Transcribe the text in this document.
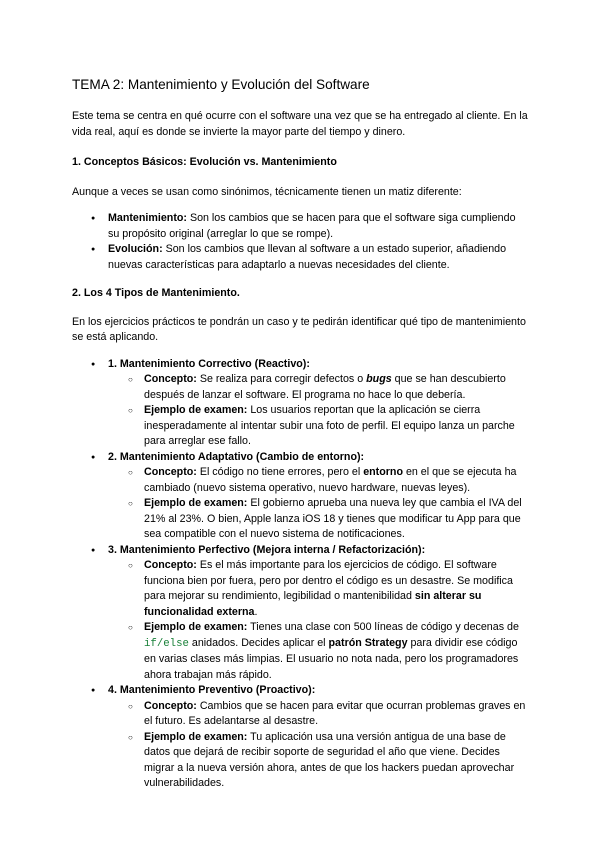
TEMA 2: Mantenimiento y Evolución del Software

Este tema se centra en qué ocurre con el software una vez que se ha entregado al cliente. En la vida real, aquí es donde se invierte la mayor parte del tiempo y dinero.

1. Conceptos Básicos: Evolución vs. Mantenimiento

Aunque a veces se usan como sinónimos, técnicamente tienen un matiz diferente:

● Mantenimiento: Son los cambios que se hacen para que el software siga cumpliendo su propósito original (arreglar lo que se rompe).
● Evolución: Son los cambios que llevan al software a un estado superior, añadiendo nuevas características para adaptarlo a nuevas necesidades del cliente.
2. Los 4 Tipos de Mantenimiento.

En los ejercicios prácticos te pondrán un caso y te pedirán identificar qué tipo de mantenimiento se está aplicando.

● 1. Mantenimiento Correctivo (Reactivo):
○ Concepto: Se realiza para corregir defectos o bugs que se han descubierto después de lanzar el software. El programa no hace lo que debería.
○ Ejemplo de examen: Los usuarios reportan que la aplicación se cierra inesperadamente al intentar subir una foto de perfil. El equipo lanza un parche para arreglar ese fallo.
● 2. Mantenimiento Adaptativo (Cambio de entorno):
○ Concepto: El código no tiene errores, pero el entorno en el que se ejecuta ha cambiado (nuevo sistema operativo, nuevo hardware, nuevas leyes).
○ Ejemplo de examen: El gobierno aprueba una nueva ley que cambia el IVA del 21% al 23%. O bien, Apple lanza iOS 18 y tienes que modificar tu App para que sea compatible con el nuevo sistema de notificaciones.
● 3. Mantenimiento Perfectivo (Mejora interna / Refactorización):
○ Concepto: Es el más importante para los ejercicios de código. El software funciona bien por fuera, pero por dentro el código es un desastre. Se modifica para mejorar su rendimiento, legibilidad o mantenibilidad sin alterar su funcionalidad externa.
○ Ejemplo de examen: Tienes una clase con 500 líneas de código y decenas de if/else anidados. Decides aplicar el patrón Strategy para dividir ese código en varias clases más limpias. El usuario no nota nada, pero los programadores ahora trabajan más rápido.
● 4. Mantenimiento Preventivo (Proactivo):
○ Concepto: Cambios que se hacen para evitar que ocurran problemas graves en el futuro. Es adelantarse al desastre.
○ Ejemplo de examen: Tu aplicación usa una versión antigua de una base de datos que dejará de recibir soporte de seguridad el año que viene. Decides migrar a la nueva versión ahora, antes de que los hackers puedan aprovechar vulnerabilidades.
